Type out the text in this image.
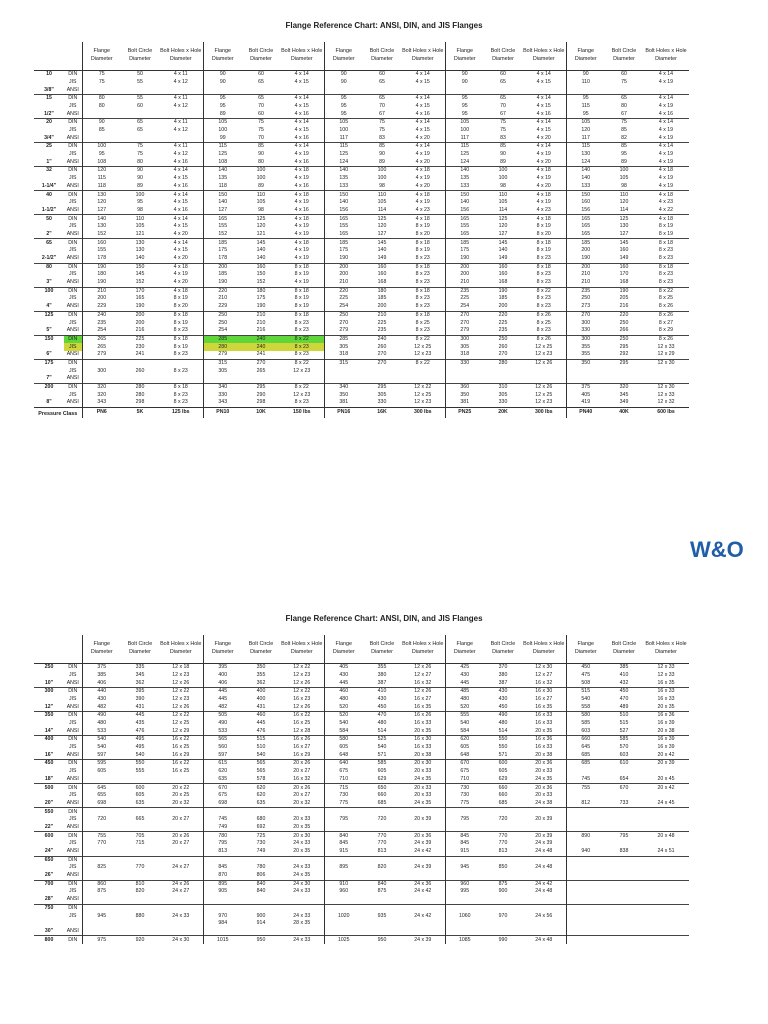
Flange Reference Chart: ANSI, DIN, and JIS Flanges
		Flange Diameter	Bolt Circle Diameter	Bolt Holes x Hole Diameter	Flange Diameter	Bolt Circle Diameter	Bolt Holes x Hole Diameter	Flange Diameter	Bolt Circle Diameter	Bolt Holes x Hole Diameter	Flange Diameter	Bolt Circle Diameter	Bolt Holes x Hole Diameter	Flange Diameter	Bolt Circle Diameter	Bolt Holes x Hole Diameter
10	DIN	75	50	4 x 11	90	60	4 x 14	90	60	4 x 14	90	60	4 x 14	90	60	4 x 14
	JIS	75	55	4 x 12	90	65	4 x 15	90	65	4 x 15	90	65	4 x 15	110	75	4 x 19
3/8"	ANSI															
15	DIN	80	55	4 x 11	95	65	4 x 14	95	65	4 x 14	95	65	4 x 14	95	65	4 x 14
	JIS	80	60	4 x 12	95	70	4 x 15	95	70	4 x 15	95	70	4 x 15	115	80	4 x 19
1/2"	ANSI				89	60	4 x 16	95	67	4 x 16	95	67	4 x 16	95	67	4 x 16
20	DIN	90	65	4 x 11	105	75	4 x 14	105	75	4 x 14	105	75	4 x 14	105	75	4 x 14
	JIS	85	65	4 x 12	100	75	4 x 15	100	75	4 x 15	100	75	4 x 15	120	85	4 x 19
3/4"	ANSI				99	70	4 x 16	117	83	4 x 20	117	83	4 x 20	117	82	4 x 19
25	DIN	100	75	4 x 11	115	85	4 x 14	115	85	4 x 14	115	85	4 x 14	115	85	4 x 14
	JIS	95	75	4 x 12	125	90	4 x 19	125	90	4 x 19	125	90	4 x 19	130	95	4 x 19
1"	ANSI	108	80	4 x 16	108	80	4 x 16	124	89	4 x 20	124	89	4 x 20	124	89	4 x 19
32	DIN	120	90	4 x 14	140	100	4 x 18	140	100	4 x 18	140	100	4 x 18	140	100	4 x 18
	JIS	115	90	4 x 15	135	100	4 x 19	135	100	4 x 19	135	100	4 x 19	140	105	4 x 19
1-1/4"	ANSI	118	89	4 x 16	118	89	4 x 16	133	98	4 x 20	133	98	4 x 20	133	98	4 x 19
40	DIN	130	100	4 x 14	150	110	4 x 18	150	110	4 x 18	150	110	4 x 18	150	110	4 x 18
	JIS	120	95	4 x 15	140	105	4 x 19	140	105	4 x 19	140	105	4 x 19	160	120	4 x 23
1-1/2"	ANSI	127	98	4 x 16	127	98	4 x 16	156	114	4 x 23	156	114	4 x 23	156	114	4 x 22
50	DIN	140	110	4 x 14	165	125	4 x 18	165	125	4 x 18	165	125	4 x 18	165	125	4 x 18
	JIS	130	105	4 x 15	155	120	4 x 19	155	120	8 x 19	155	120	8 x 19	165	130	8 x 19
2"	ANSI	152	121	4 x 20	152	121	4 x 19	165	127	8 x 20	165	127	8 x 20	165	127	8 x 19
65	DIN	160	130	4 x 14	185	145	4 x 18	185	145	8 x 18	185	145	8 x 18	185	145	8 x 18
	JIS	155	130	4 x 15	175	140	4 x 19	175	140	8 x 19	175	140	8 x 19	200	160	8 x 23
2-1/2"	ANSI	178	140	4 x 20	178	140	4 x 19	190	149	8 x 23	190	149	8 x 23	190	149	8 x 23
80	DIN	190	150	4 x 18	200	160	8 x 18	200	160	8 x 18	200	160	8 x 18	200	160	8 x 18
	JIS	180	145	4 x 19	185	150	8 x 19	200	160	8 x 23	200	160	8 x 23	210	170	8 x 23
3"	ANSI	190	152	4 x 20	190	152	4 x 19	210	168	8 x 23	210	168	8 x 23	210	168	8 x 23
100	DIN	210	170	4 x 18	220	180	8 x 18	220	180	8 x 18	235	190	8 x 22	235	190	8 x 22
	JIS	200	165	8 x 19	210	175	8 x 19	225	185	8 x 23	225	185	8 x 23	250	205	8 x 25
4"	ANSI	229	190	8 x 20	229	190	8 x 19	254	200	8 x 23	254	200	8 x 23	273	216	8 x 26
125	DIN	240	200	8 x 18	250	210	8 x 18	250	210	8 x 18	270	220	8 x 26	270	220	8 x 26
	JIS	235	200	8 x 19	250	210	8 x 23	270	225	8 x 25	270	225	8 x 25	300	250	8 x 27
5"	ANSI	254	216	8 x 23	254	216	8 x 23	279	235	8 x 23	279	235	8 x 23	330	266	8 x 29
150	DIN	265	225	8 x 18	285	240	8 x 22	285	240	8 x 22	300	250	8 x 26	300	250	8 x 26
	JIS	265	230	8 x 19	280	240	8 x 23	305	260	12 x 25	305	260	12 x 25	355	295	12 x 33
6"	ANSI	279	241	8 x 23	279	241	8 x 23	318	270	12 x 23	318	270	12 x 23	355	292	12 x 29
175	DIN				315	270	8 x 22	315	270	8 x 22	330	280	12 x 26	350	295	12 x 30
	JIS	300	260	8 x 23	305	265	12 x 23									
7"	ANSI															
200	DIN	320	280	8 x 18	340	295	8 x 22	340	295	12 x 22	360	310	12 x 26	375	320	12 x 30
	JIS	320	280	8 x 23	330	290	12 x 23	350	305	12 x 25	350	305	12 x 25	405	345	12 x 33
8"	ANSI	343	298	8 x 23	343	298	8 x 23	381	330	12 x 23	381	330	12 x 23	419	349	12 x 32
Pressure Class		PN6	5K	125 lbs	PN10	10K	150 lbs	PN16	16K	300 lbs	PN25	20K	300 lbs	PN40	40K	600 lbs
W&O
Flange Reference Chart: ANSI, DIN, and JIS Flanges
		Flange Diameter	Bolt Circle Diameter	Bolt Holes x Hole Diameter	Flange Diameter	Bolt Circle Diameter	Bolt Holes x Hole Diameter	Flange Diameter	Bolt Circle Diameter	Bolt Holes x Hole Diameter	Flange Diameter	Bolt Circle Diameter	Bolt Holes x Hole Diameter	Flange Diameter	Bolt Circle Diameter	Bolt Holes x Hole Diameter
250	DIN	375	335	12 x 18	395	350	12 x 22	405	355	12 x 26	425	370	12 x 30	450	385	12 x 33
	JIS	385	345	12 x 23	400	355	12 x 23	430	380	12 x 27	430	380	12 x 27	475	410	12 x 33
10"	ANSI	406	362	12 x 26	406	362	12 x 26	445	387	16 x 32	445	387	16 x 32	508	432	16 x 35
300	DIN	440	395	12 x 22	445	400	12 x 22	460	410	12 x 26	485	430	16 x 30	515	450	16 x 33
	JIS	430	390	12 x 23	445	400	16 x 23	480	430	16 x 27	480	430	16 x 27	540	470	16 x 33
12"	ANSI	482	431	12 x 26	482	431	12 x 26	520	450	16 x 35	520	450	16 x 35	558	489	20 x 35
350	DIN	490	445	12 x 22	505	460	16 x 22	520	470	16 x 26	555	490	16 x 33	580	510	16 x 36
	JIS	480	435	12 x 25	490	445	16 x 25	540	480	16 x 33	540	480	16 x 33	585	515	16 x 39
14"	ANSI	533	476	12 x 29	533	476	12 x 28	584	514	20 x 35	584	514	20 x 35	603	527	20 x 38
400	DIN	540	495	16 x 22	565	515	16 x 26	580	525	16 x 30	620	550	16 x 36	660	585	16 x 39
	JIS	540	495	16 x 25	560	510	16 x 27	605	540	16 x 33	605	550	16 x 33	645	570	16 x 39
16"	ANSI	597	540	16 x 29	597	540	16 x 29	648	571	20 x 38	648	571	20 x 38	685	603	20 x 42
450	DIN	595	550	16 x 22	615	565	20 x 26	640	585	20 x 30	670	600	20 x 36	685	610	20 x 39
	JIS	605	555	16 x 25	620	565	20 x 27	675	605	20 x 33	675	605	20 x 33			
18"	ANSI				635	578	16 x 32	710	629	24 x 35	710	629	24 x 35	745	654	20 x 45
500	DIN	645	600	20 x 22	670	620	20 x 26	715	650	20 x 33	730	660	20 x 36	755	670	20 x 42
	JIS	655	605	20 x 25	675	620	20 x 27	730	660	20 x 33	730	660	20 x 33			
20"	ANSI	698	635	20 x 32	698	635	20 x 32	775	685	24 x 35	775	685	24 x 38	812	733	24 x 45
550	DIN															
	JIS	720	665	20 x 27	745	680	20 x 33	795	720	20 x 39	795	720	20 x 39			
22"	ANSI				749	692	20 x 35									
600	DIN	755	705	20 x 26	780	725	20 x 30	840	770	20 x 36	845	770	20 x 39	890	795	20 x 48
	JIS	770	715	20 x 27	795	730	24 x 33	845	770	24 x 39	845	770	24 x 39			
24"	ANSI				813	749	20 x 35	915	813	24 x 42	915	813	24 x 48	940	838	24 x 51
650	DIN															
	JIS	825	770	24 x 27	845	780	24 x 33	895	820	24 x 39	945	850	24 x 48			
26"	ANSI				870	806	24 x 35									
700	DIN	860	810	24 x 26	895	840	24 x 30	910	840	24 x 36	960	875	24 x 42			
	JIS	875	820	24 x 27	905	840	24 x 33	960	875	24 x 42	995	900	24 x 48			
28"	ANSI															
750	DIN															
	JIS	945	880	24 x 33	970	900	24 x 33	1020	935	24 x 42	1060	970	24 x 56			
					984	914	28 x 35									
30"	ANSI															
800	DIN	975	920	24 x 30	1015	950	24 x 33	1025	950	24 x 39	1085	990	24 x 48			
